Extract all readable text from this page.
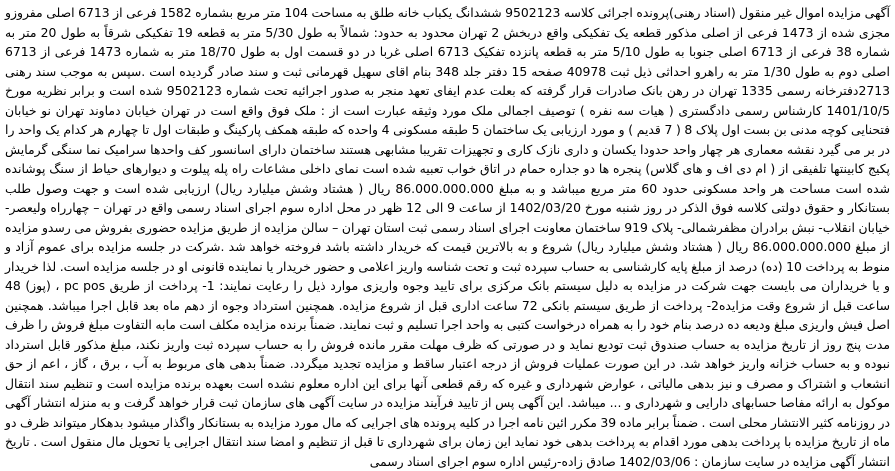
آگهی مزایده اموال غیر منقول (اسناد رهنی)پرونده اجرائی کلاسه 9502123 ششدانگ یکباب خانه طلق به مساحت 104 متر مربع بشماره 1582 فرعی از 6713 اصلی مفروزو مجزی شده از 1473 فرعی از اصلی مذکور قطعه یک تفکیکی واقع دربخش 2 تهران محدود به حدود: شمالاً به طول 5/30 متر به قطعه 19 تفکیکی شرقاً به طول 20 متر به شماره 38 فرعی از 6713 اصلی جنوبا به طول 5/10 متر به قطعه پانزده تفکیک 6713 اصلی غربا در دو قسمت اول به طول 18/70 متر به شماره 1473 فرعی از 6713 اصلی دوم به طول 1/30 متر به راهرو احداثی ذیل ثبت 40978 صفحه 15 دفتر جلد 348 بنام اقای سهیل قهرمانی ثبت و سند صادر گردیده است .سپس به موجب سند رهنی 2713دفترخانه رسمی 1335 تهران در رهن بانک صادرات قرار گرفته که بعلت عدم ایفای تعهد منجر به صدور اجرائیه تحت شماره 9502123 شده است و برابر نظریه مورخ 1401/10/5 کارشناس رسمی دادگستری ( هیات سه نفره ) توصیف اجمالی ملک مورد وثیقه عبارت است از : ملک فوق واقع است در تهران خیابان دماوند تهران نو خیابان فتحنایی کوچه مدنی بن بست اول پلاک 8 ( 7 قدیم ) و مورد ارزیابی یک ساختمان 5 طبقه مسکونی 4 واحده که طبقه همکف پارکینگ و طبقات اول تا چهارم هر کدام یک واحد را در بر می گیرد نقشه معماری هر چهار واحد حدودا یکسان و داری نازک کاری و تجهیزات تقریبا مشابهی هستند ساختمان دارای اسانسور کف واحدها سرامیک نما سنگی گرمایش پکیج کابینتها تلفیقی از ( ام دی اف و های گلاس) پنجره ها دو جداره حمام در اتاق خواب تعبیه شده است نمای داخلی مشاعات راه پله پیلوت و دیوارهای حیاط از سنگ پوشانده شده است مساحت هر واحد مسکونی حدود 60 متر مربع میباشد و به مبلغ 86.000.000.000 ریال ( هشتاد وشش میلیارد ریال) ارزیابی شده است و جهت وصول طلب بستانکار و حقوق دولتی کلاسه فوق الذکر در روز شنبه مورخ 1402/03/20 از ساعت 9 الی 12 ظهر در محل اداره سوم اجرای اسناد رسمی واقع در تهران – چهارراه ولیعصر- خیابان انقلاب- نبش برادران مظفرشمالی- پلاک 919 ساختمان معاونت اجرای اسناد رسمی ثبت استان تهران – سالن مزایده از طریق مزایده حضوری بفروش می رسدو مزایده از مبلغ 86.000.000.000 ریال ( هشتاد وشش میلیارد ریال) شروع و به بالاترین قیمت که خریدار داشته باشد فروخته خواهد شد .شرکت در جلسه مزایده برای عموم آزاد و منوط به پرداخت 10 (ده) درصد از مبلغ پایه کارشناسی به حساب سپرده ثبت و تحت شناسه واریز اعلامی و حضور خریدار یا نماینده قانونی او در جلسه مزایده است. لذا خریدار و یا خریداران می بایست جهت شرکت در مزایده به دلیل سیستم بانک مرکزی برای تایید وجوه واریزی موارد ذیل را رعایت نمایند: 1- پرداخت از طریق pc pos ، (پوز) 48 ساعت قبل از شروع وقت مزایده2- پرداخت از طریق سیستم بانکی 72 ساعت اداری قبل از شروع مزایده. همچنین استرداد وجوه از دهم ماه بعد قابل اجرا میباشد. همچنین اصل فیش واریزی مبلغ ودیعه ده درصد بنام خود را به همراه درخواست کتبی به واحد اجرا تسلیم و ثبت نمایند. ضمناً برنده مزایده مکلف است مابه التفاوت مبلغ فروش را ظرف مدت پنج روز از تاریخ مزایده به حساب صندوق ثبت تودیع نماید و در صورتی که ظرف مهلت مقرر مانده فروش را به حساب سپرده ثبت واریز نکند، مبلغ مذکور قابل استرداد نبوده و به حساب خزانه واریز خواهد شد. در این صورت عملیات فروش از درجه اعتبار ساقط و مزایده تجدید میگردد. ضمناً بدهی های مربوط به آب ، برق ، گاز ، اعم از حق انشعاب و اشتراک و مصرف و نیز بدهی مالیاتی ، عوارض شهرداری و غیره که رقم قطعی آنها برای این اداره معلوم نشده است بعهده برنده مزایده است و تنظیم سند انتقال موکول به ارائه مفاصا حسابهای دارایی و شهرداری و ... میباشد. این آگهی پس از تایید فرآیند مزایده در سایت آگهی های سازمان ثبت قرار خواهد گرفت و به منزله انتشار آگهی در روزنامه کثیر الانتشار محلی است . ضمناً برابر ماده 39 مکرر ائین نامه اجرا در کلیه پرونده های اجرایی که مال مورد مزایده به بستانکار واگذار میشود بدهکار میتواند ظرف دو ماه از تاریخ مزایده با پرداخت بدهی مورد اقدام به پرداخت بدهی خود نماید این زمان برای شهرداری تا قبل از تنظیم و امضا سند انتقال اجرایی یا تحویل مال منقول است . تاریخ انتشار آگهی مزایده در سایت سازمان : 1402/03/06 صادق زاده-رئیس اداره سوم اجرای اسناد رسمی
